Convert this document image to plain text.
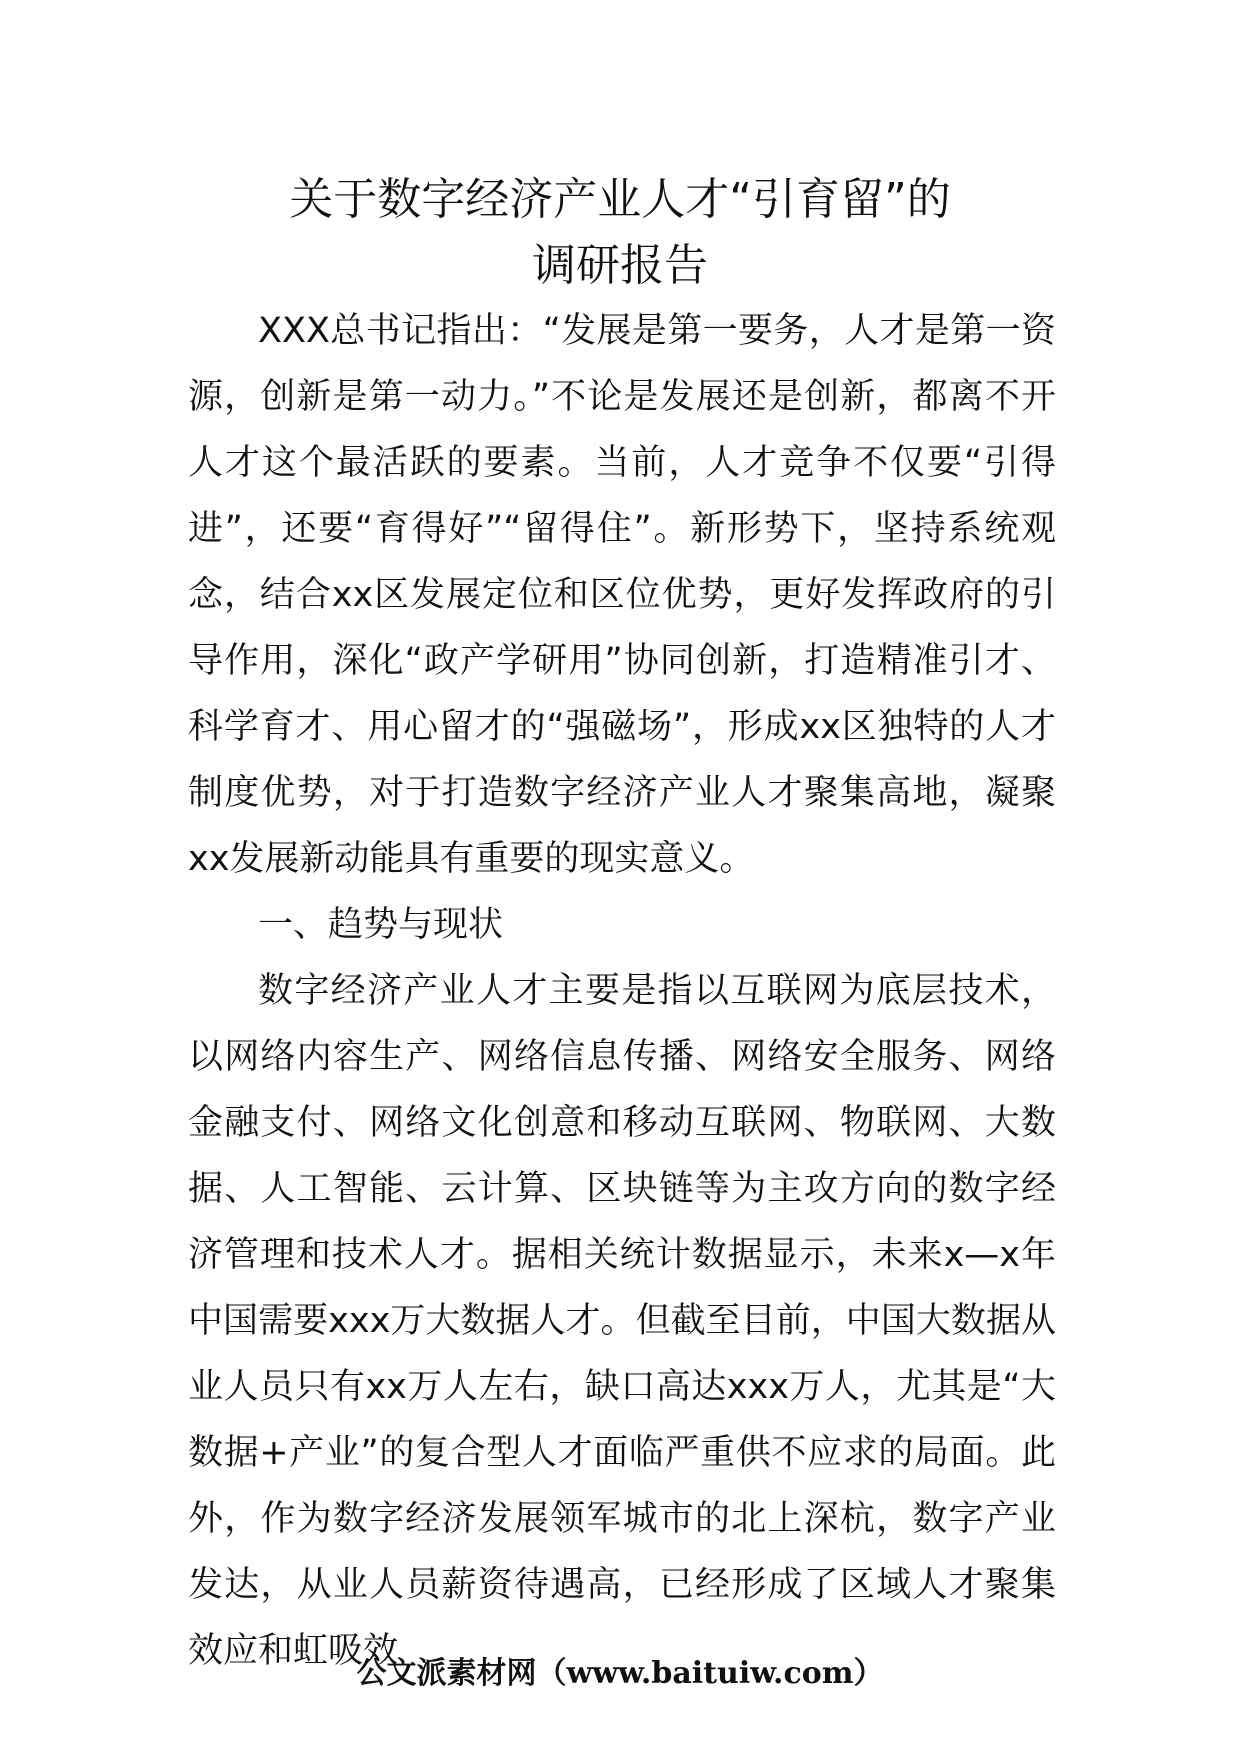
关于数字经济产业人才“引育留”的
调研报告

XXX总书记指出：“发展是第一要务，人才是第一资源，创新是第一动力。”不论是发展还是创新，都离不开人才这个最活跃的要素。当前，人才竞争不仅要“引得进”，还要“育得好”“留得住”。新形势下，坚持系统观念，结合xx区发展定位和区位优势，更好发挥政府的引导作用，深化“政产学研用”协同创新，打造精准引才、科学育才、用心留才的“强磁场”，形成xx区独特的人才制度优势，对于打造数字经济产业人才聚集高地，凝聚xx发展新动能具有重要的现实意义。

一、趋势与现状

数字经济产业人才主要是指以互联网为底层技术，以网络内容生产、网络信息传播、网络安全服务、网络金融支付、网络文化创意和移动互联网、物联网、大数据、人工智能、云计算、区块链等为主攻方向的数字经济管理和技术人才。据相关统计数据显示，未来x—x年中国需要xxx万大数据人才。但截至目前，中国大数据从业人员只有xx万人左右，缺口高达xxx万人，尤其是“大数据+产业”的复合型人才面临严重供不应求的局面。此外，作为数字经济发展领军城市的北上深杭，数字产业发达，从业人员薪资待遇高，已经形成了区域人才聚集效应和虹吸效

公文派素材网（www.baituiw.com）
